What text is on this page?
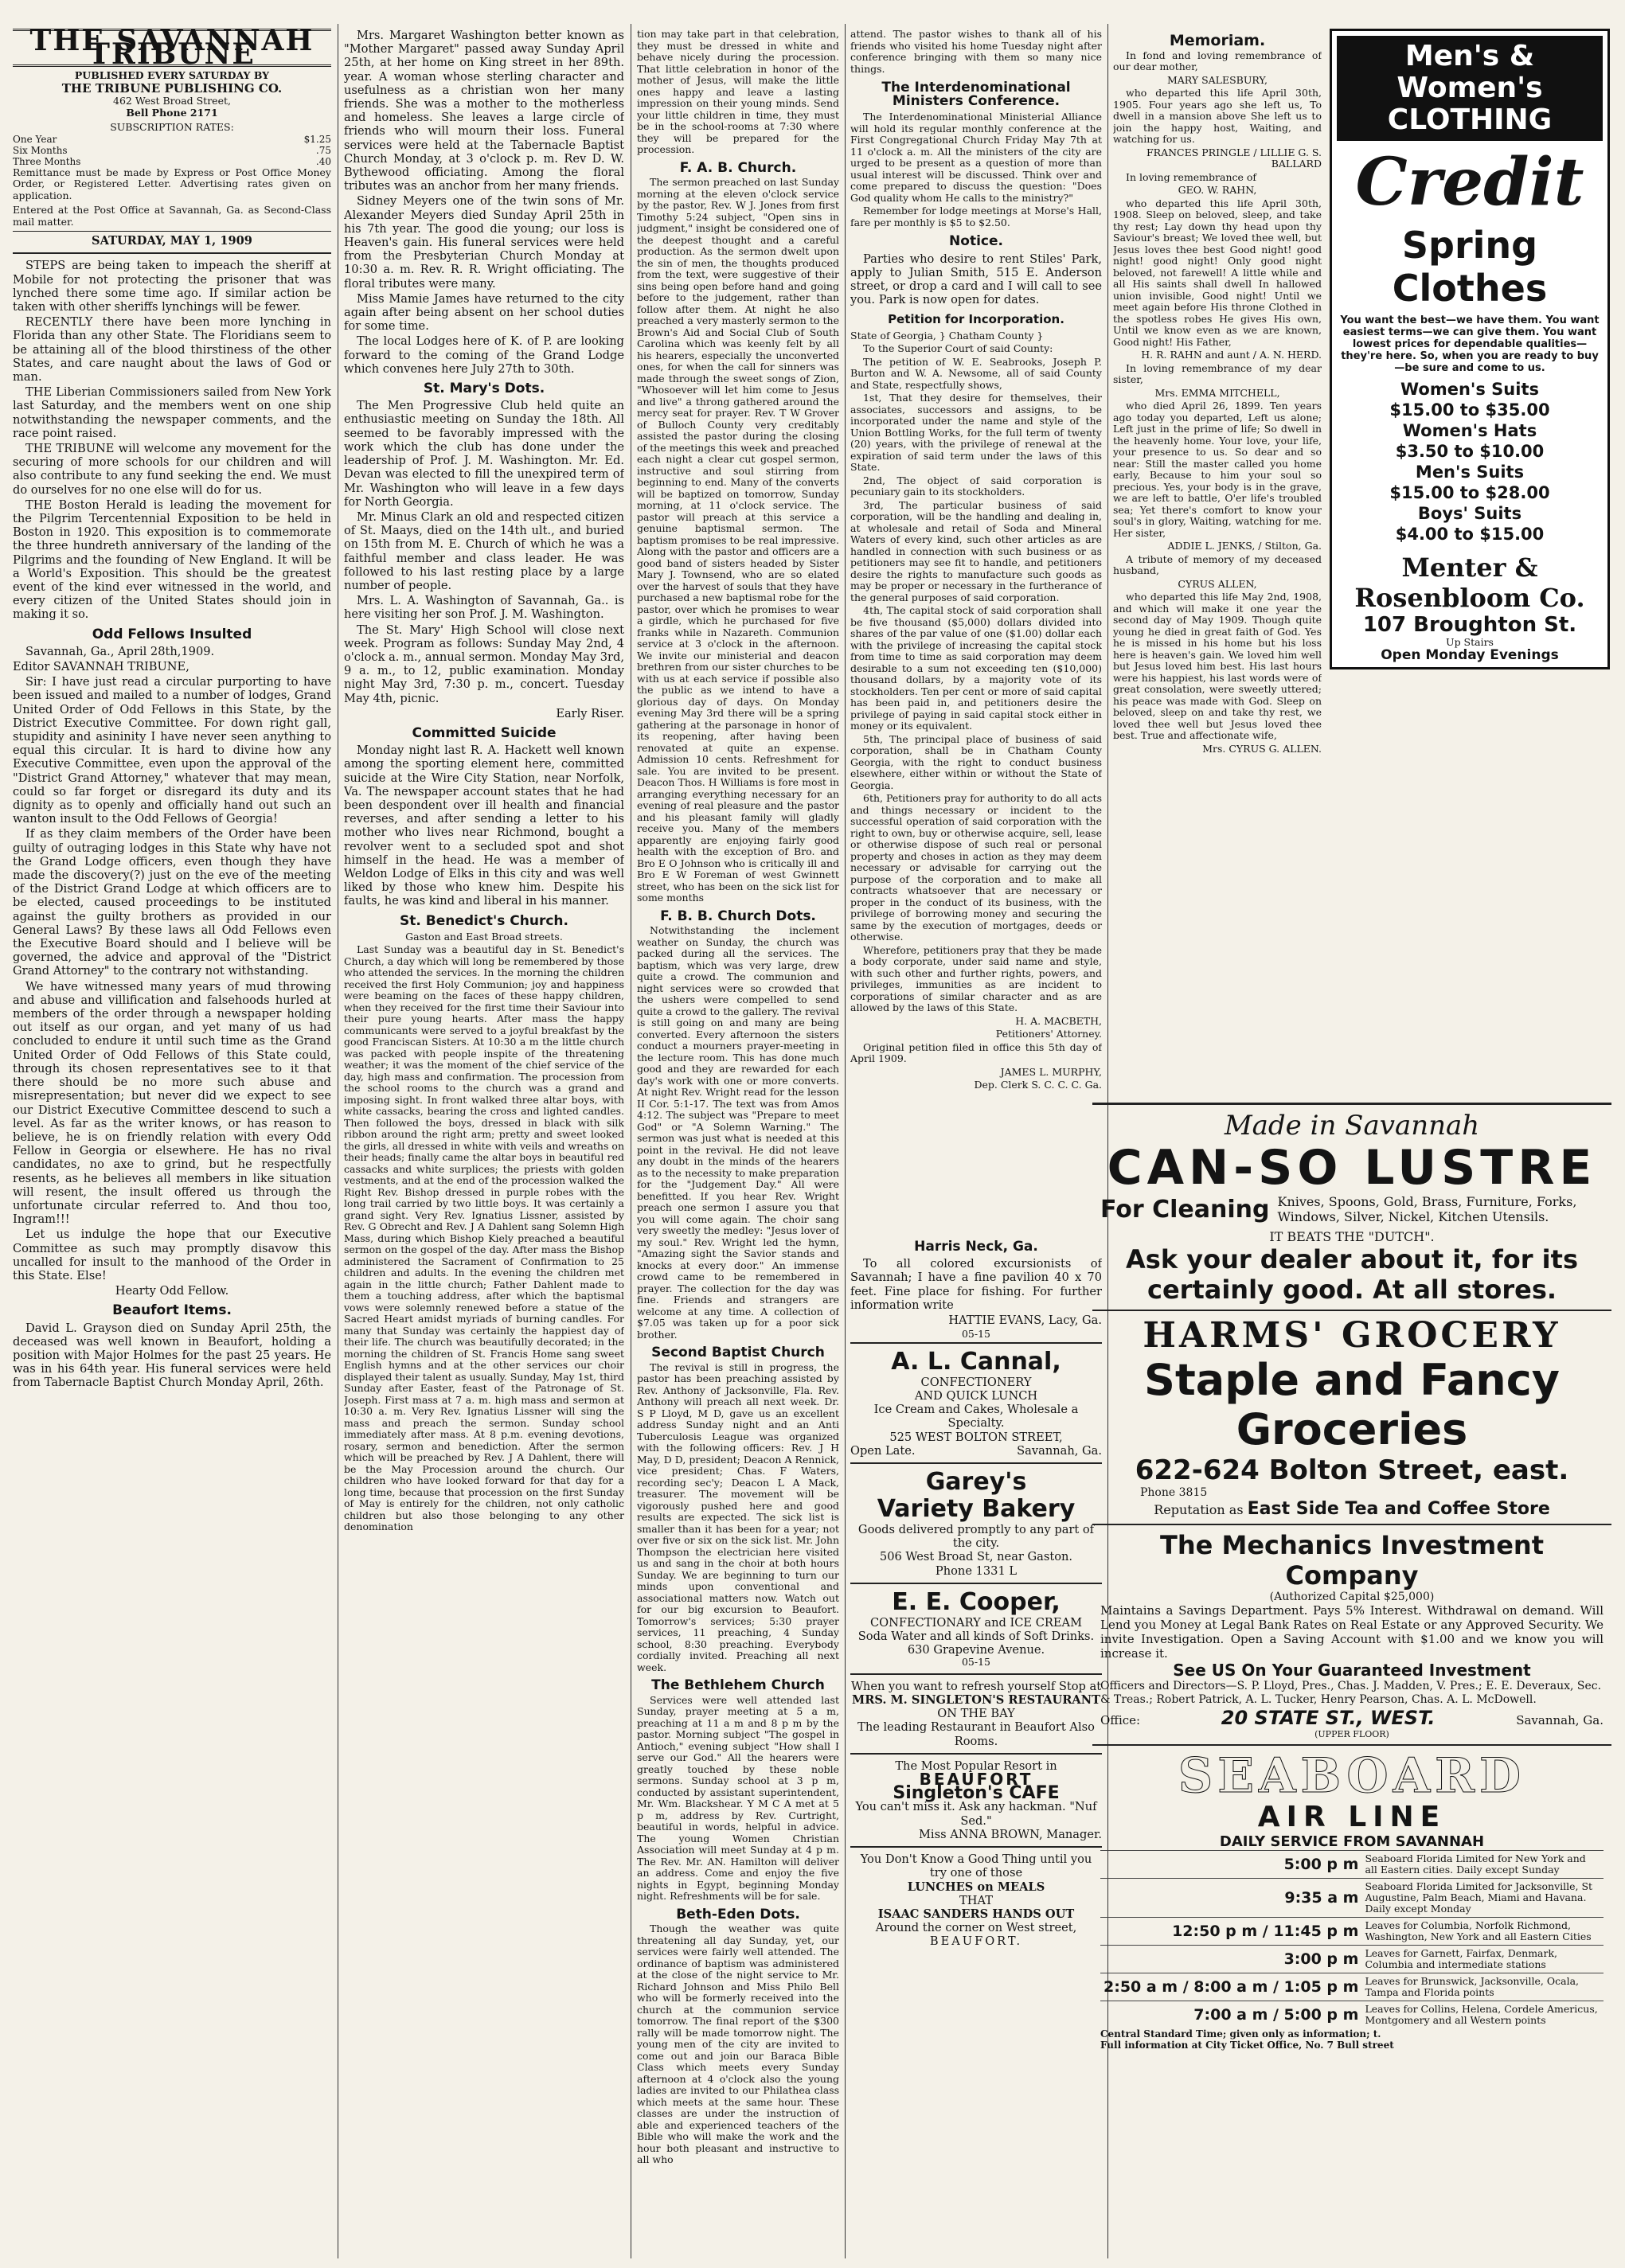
THE SAVANNAH TRIBUNE
PUBLISHED EVERY SATURDAY BY
THE TRIBUNE PUBLISHING CO.
462 West Broad Street,
Bell Phone 2171
SUBSCRIPTION RATES:
One Year	$1.25
Six Months	.75
Three Months	.40
Remittance must be made by Express or Post Office Money Order, or Registered Letter. Advertising rates given on application.
Entered at the Post Office at Savannah, Ga. as Second-Class mail matter.
SATURDAY, MAY 1, 1909

STEPS are being taken to impeach the sheriff at Mobile for not protecting the prisoner that was lynched there some time ago. If similar action be taken with other sheriffs lynchings will be fewer.

RECENTLY there have been more lynching in Florida than any other State. The Floridians seem to be attaining all of the blood thirstiness of the other States, and care naught about the laws of God or man.

THE Liberian Commissioners sailed from New York last Saturday, and the members went on one ship notwithstanding the newspaper comments, and the race point raised.

THE TRIBUNE will welcome any movement for the securing of more schools for our children and will also contribute to any fund seeking the end. We must do ourselves for no one else will do for us.

THE Boston Herald is leading the movement for the Pilgrim Tercentennial Exposition to be held in Boston in 1920. This exposition is to commemorate the three hundreth anniversary of the landing of the Pilgrims and the founding of New England. It will be a World's Exposition. This should be the greatest event of the kind ever witnessed in the world, and every citizen of the United States should join in making it so.

Odd Fellows Insulted

Savannah, Ga., April 28th,1909.

Editor SAVANNAH TRIBUNE,

Sir: I have just read a circular purporting to have been issued and mailed to a number of lodges, Grand United Order of Odd Fellows in this State, by the District Executive Committee. For down right gall, stupidity and asininity I have never seen anything to equal this circular. It is hard to divine how any Executive Committee, even upon the approval of the "District Grand Attorney," whatever that may mean, could so far forget or disregard its duty and its dignity as to openly and officially hand out such an wanton insult to the Odd Fellows of Georgia!

If as they claim members of the Order have been guilty of outraging lodges in this State why have not the Grand Lodge officers, even though they have made the discovery(?) just on the eve of the meeting of the District Grand Lodge at which officers are to be elected, caused proceedings to be instituted against the guilty brothers as provided in our General Laws? By these laws all Odd Fellows even the Executive Board should and I believe will be governed, the advice and approval of the "District Grand Attorney" to the contrary not withstanding.

We have witnessed many years of mud throwing and abuse and villification and falsehoods hurled at members of the order through a newspaper holding out itself as our organ, and yet many of us had concluded to endure it until such time as the Grand United Order of Odd Fellows of this State could, through its chosen representatives see to it that there should be no more such abuse and misrepresentation; but never did we expect to see our District Executive Committee descend to such a level. As far as the writer knows, or has reason to believe, he is on friendly relation with every Odd Fellow in Georgia or elsewhere. He has no rival candidates, no axe to grind, but he respectfully resents, as he believes all members in like situation will resent, the insult offered us through the unfortunate circular referred to. And thou too, Ingram!!!

Let us indulge the hope that our Executive Committee as such may promptly disavow this uncalled for insult to the manhood of the Order in this State. Else!

Hearty Odd Fellow.

Beaufort Items.

David L. Grayson died on Sunday April 25th, the deceased was well known in Beaufort, holding a position with Major Holmes for the past 25 years. He was in his 64th year. His funeral services were held from Tabernacle Baptist Church Monday April, 26th.

Mrs. Margaret Washington better known as "Mother Margaret" passed away Sunday April 25th, at her home on King street in her 89th. year. A woman whose sterling character and usefulness as a christian won her many friends. She was a mother to the motherless and homeless. She leaves a large circle of friends who will mourn their loss. Funeral services were held at the Tabernacle Baptist Church Monday, at 3 o'clock p. m. Rev D. W. Bythewood officiating. Among the floral tributes was an anchor from her many friends.

Sidney Meyers one of the twin sons of Mr. Alexander Meyers died Sunday April 25th in his 7th year. The good die young; our loss is Heaven's gain. His funeral services were held from the Presbyterian Church Monday at 10:30 a. m. Rev. R. R. Wright officiating. The floral tributes were many.

Miss Mamie James have returned to the city again after being absent on her school duties for some time.

The local Lodges here of K. of P. are looking forward to the coming of the Grand Lodge which convenes here July 27th to 30th.

St. Mary's Dots.

The Men Progressive Club held quite an enthusiastic meeting on Sunday the 18th. All seemed to be favorably impressed with the work which the club has done under the leadership of Prof. J. M. Washington. Mr. Ed. Devan was elected to fill the unexpired term of Mr. Washington who will leave in a few days for North Georgia.

Mr. Minus Clark an old and respected citizen of St. Maays, died on the 14th ult., and buried on 15th from M. E. Church of which he was a faithful member and class leader. He was followed to his last resting place by a large number of people.

Mrs. L. A. Washington of Savannah, Ga.. is here visiting her son Prof. J. M. Washington.

The St. Mary' High School will close next week. Program as follows: Sunday May 2nd, 4 o'clock a. m., annual sermon. Monday May 3rd, 9 a. m., to 12, public examination. Monday night May 3rd, 7:30 p. m., concert. Tuesday May 4th, picnic.

Early Riser.

Committed Suicide

Monday night last R. A. Hackett well known among the sporting element here, committed suicide at the Wire City Station, near Norfolk, Va. The newspaper account states that he had been despondent over ill health and financial reverses, and after sending a letter to his mother who lives near Richmond, bought a revolver went to a secluded spot and shot himself in the head. He was a member of Weldon Lodge of Elks in this city and was well liked by those who knew him. Despite his faults, he was kind and liberal in his manner.

St. Benedict's Church.

Gaston and East Broad streets.

Last Sunday was a beautiful day in St. Benedict's Church, a day which will long be remembered by those who attended the services. In the morning the children received the first Holy Communion; joy and happiness were beaming on the faces of these happy children, when they received for the first time their Saviour into their pure young hearts. After mass the happy communicants were served to a joyful breakfast by the good Franciscan Sisters. At 10:30 a m the little church was packed with people inspite of the threatening weather; it was the moment of the chief service of the day, high mass and confirmation. The procession from the school rooms to the church was a grand and imposing sight. In front walked three altar boys, with white cassacks, bearing the cross and lighted candles. Then followed the boys, dressed in black with silk ribbon around the right arm; pretty and sweet looked the girls, all dressed in white with veils and wreaths on their heads; finally came the altar boys in beautiful red cassacks and white surplices; the priests with golden vestments, and at the end of the procession walked the Right Rev. Bishop dressed in purple robes with the long trail carried by two little boys. It was certainly a grand sight. Very Rev. Ignatius Lissner, assisted by Rev. G Obrecht and Rev. J A Dahlent sang Solemn High Mass, during which Bishop Kiely preached a beautiful sermon on the gospel of the day. After mass the Bishop administered the Sacrament of Confirmation to 25 children and adults. In the evening the children met again in the little church; Father Dahlent made to them a touching address, after which the baptismal vows were solemnly renewed before a statue of the Sacred Heart amidst myriads of burning candles. For many that Sunday was certainly the happiest day of their life. The church was beautifully decorated; in the morning the children of St. Francis Home sang sweet English hymns and at the other services our choir displayed their talent as usually. Sunday, May 1st, third Sunday after Easter, feast of the Patronage of St. Joseph. First mass at 7 a. m. high mass and sermon at 10:30 a. m. Very Rev. Ignatius Lissner will sing the mass and preach the sermon. Sunday school immediately after mass. At 8 p.m. evening devotions, rosary, sermon and benediction. After the sermon which will be preached by Rev. J A Dahlent, there will be the May Procession around the church. Our children who have looked forward for that day for a long time, because that procession on the first Sunday of May is entirely for the children, not only catholic children but also those belonging to any other denomination

tion may take part in that celebration, they must be dressed in white and behave nicely during the procession. That little celebration in honor of the mother of Jesus, will make the little ones happy and leave a lasting impression on their young minds. Send your little children in time, they must be in the school-rooms at 7:30 where they will be prepared for the procession.

F. A. B. Church.

The sermon preached on last Sunday morning at the eleven o'clock service by the pastor, Rev. W J. Jones from first Timothy 5:24 subject, "Open sins in judgment," insight be considered one of the deepest thought and a careful production. As the sermon dwelt upon the sin of men, the thoughts produced from the text, were suggestive of their sins being open before hand and going before to the judgement, rather than follow after them. At night he also preached a very masterly sermon to the Brown's Aid and Social Club of South Carolina which was keenly felt by all his hearers, especially the unconverted ones, for when the call for sinners was made through the sweet songs of Zion, "Whosoever will let him come to Jesus and live" a throng gathered around the mercy seat for prayer. Rev. T W Grover of Bulloch County very creditably assisted the pastor during the closing of the meetings this week and preached each night a clear cut gospel sermon, instructive and soul stirring from beginning to end. Many of the converts will be baptized on tomorrow, Sunday morning, at 11 o'clock service. The pastor will preach at this service a genuine baptismal sermon. The baptism promises to be real impressive. Along with the pastor and officers are a good band of sisters headed by Sister Mary J. Townsend, who are so elated over the harvest of souls that they have purchased a new baptismal robe for the pastor, over which he promises to wear a girdle, which he purchased for five franks while in Nazareth. Communion service at 3 o'clock in the afternoon. We invite our ministerial and deacon brethren from our sister churches to be with us at each service if possible also the public as we intend to have a glorious day of days. On Monday evening May 3rd there will be a spring gathering at the parsonage in honor of its reopening, after having been renovated at quite an expense. Admission 10 cents. Refreshment for sale. You are invited to be present. Deacon Thos. H Williams is fore most in arranging everything necessary for an evening of real pleasure and the pastor and his pleasant family will gladly receive you. Many of the members apparently are enjoying fairly good health with the exception of Bro. and Bro E O Johnson who is critically ill and Bro E W Foreman of west Gwinnett street, who has been on the sick list for some months

F. B. B. Church Dots.

Notwithstanding the inclement weather on Sunday, the church was packed during all the services. The baptism, which was very large, drew quite a crowd. The communion and night services were so crowded that the ushers were compelled to send quite a crowd to the gallery. The revival is still going on and many are being converted. Every afternoon the sisters conduct a mourners prayer-meeting in the lecture room. This has done much good and they are rewarded for each day's work with one or more converts. At night Rev. Wright read for the lesson II Cor. 5:1-17. The text was from Amos 4:12. The subject was "Prepare to meet God" or "A Solemn Warning." The sermon was just what is needed at this point in the revival. He did not leave any doubt in the minds of the hearers as to the necessity to make preparation for the "Judgement Day." All were benefitted. If you hear Rev. Wright preach one sermon I assure you that you will come again. The choir sang very sweetly the medley: "Jesus lover of my soul." Rev. Wright led the hymn, "Amazing sight the Savior stands and knocks at every door." An immense crowd came to be remembered in prayer. The collection for the day was fine. Friends and strangers are welcome at any time. A collection of $7.05 was taken up for a poor sick brother.

Second Baptist Church

The revival is still in progress, the pastor has been preaching assisted by Rev. Anthony of Jacksonville, Fla. Rev. Anthony will preach all next week. Dr. S P Lloyd, M D, gave us an excellent address Sunday night and an Anti Tuberculosis League was organized with the following officers: Rev. J H May, D D, president; Deacon A Rennick, vice president; Chas. F Waters, recording sec'y; Deacon L A Mack, treasurer. The movement will be vigorously pushed here and good results are expected. The sick list is smaller than it has been for a year; not over five or six on the sick list. Mr. John Thompson the electrician here visited us and sang in the choir at both hours Sunday. We are beginning to turn our minds upon conventional and associational matters now. Watch out for our big excursion to Beaufort. Tomorrow's services; 5:30 prayer services, 11 preaching, 4 Sunday school, 8:30 preaching. Everybody cordially invited. Preaching all next week.

The Bethlehem Church

Services were well attended last Sunday, prayer meeting at 5 a m, preaching at 11 a m and 8 p m by the pastor. Morning subject "The gospel in Antioch," evening subject "How shall I serve our God." All the hearers were greatly touched by these noble sermons. Sunday school at 3 p m, conducted by assistant superintendent, Mr. Wm. Blackshear. Y M C A met at 5 p m, address by Rev. Curtright, beautiful in words, helpful in advice. The young Women Christian Association will meet Sunday at 4 p m. The Rev. Mr. AN. Hamilton will deliver an address. Come and enjoy the five nights in Egypt, beginning Monday night. Refreshments will be for sale.

Beth-Eden Dots.

Though the weather was quite threatening all day Sunday, yet, our services were fairly well attended. The ordinance of baptism was administered at the close of the night service to Mr. Richard Johnson and Miss Philo Bell who will be formerly received into the church at the communion service tomorrow. The final report of the $300 rally will be made tomorrow night. The young men of the city are invited to come out and join our Baraca Bible Class which meets every Sunday afternoon at 4 o'clock also the young ladies are invited to our Philathea class which meets at the same hour. These classes are under the instruction of able and experienced teachers of the Bible who will make the work and the hour both pleasant and instructive to all who

attend. The pastor wishes to thank all of his friends who visited his home Tuesday night after conference bringing with them so many nice things.

The Interdenominational Ministers Conference.

The Interdenominational Ministerial Alliance will hold its regular monthly conference at the First Congregational Church Friday May 7th at 11 o'clock a. m. All the ministers of the city are urged to be present as a question of more than usual interest will be discussed. Think over and come prepared to discuss the question: "Does God quality whom He calls to the ministry?"

Remember for lodge meetings at Morse's Hall, fare per monthly is $5 to $2.50.

Notice.

Parties who desire to rent Stiles' Park, apply to Julian Smith, 515 E. Anderson street, or drop a card and I will call to see you. Park is now open for dates.

Petition for Incorporation.

State of Georgia, } Chatham County }

To the Superior Court of said County:

The petition of W. E. Seabrooks, Joseph P. Burton and W. A. Newsome, all of said County and State, respectfully shows,

1st, That they desire for themselves, their associates, successors and assigns, to be incorporated under the name and style of the Union Bottling Works, for the full term of twenty (20) years, with the privilege of renewal at the expiration of said term under the laws of this State.

2nd, The object of said corporation is pecuniary gain to its stockholders.

3rd, The particular business of said corporation, will be the handling and dealing in, at wholesale and retail of Soda and Mineral Waters of every kind, such other articles as are handled in connection with such business or as petitioners may see fit to handle, and petitioners desire the rights to manufacture such goods as may be proper or necessary in the furtherance of the general purposes of said corporation.

4th, The capital stock of said corporation shall be five thousand ($5,000) dollars divided into shares of the par value of one ($1.00) dollar each with the privilege of increasing the capital stock from time to time as said corporation may deem desirable to a sum not exceeding ten ($10,000) thousand dollars, by a majority vote of its stockholders. Ten per cent or more of said capital has been paid in, and petitioners desire the privilege of paying in said capital stock either in money or its equivalent.

5th, The principal place of business of said corporation, shall be in Chatham County Georgia, with the right to conduct business elsewhere, either within or without the State of Georgia.

6th, Petitioners pray for authority to do all acts and things necessary or incident to the successful operation of said corporation with the right to own, buy or otherwise acquire, sell, lease or otherwise dispose of such real or personal property and choses in action as they may deem necessary or advisable for carrying out the purpose of the corporation and to make all contracts whatsoever that are necessary or proper in the conduct of its business, with the privilege of borrowing money and securing the same by the execution of mortgages, deeds or otherwise.

Wherefore, petitioners pray that they be made a body corporate, under said name and style, with such other and further rights, powers, and privileges, immunities as are incident to corporations of similar character and as are allowed by the laws of this State.

H. A. MACBETH,

Petitioners' Attorney.

Original petition filed in office this 5th day of April 1909.

JAMES L. MURPHY,

Dep. Clerk S. C. C. C. Ga.

Harris Neck, Ga.

To all colored excursionists of Savannah; I have a fine pavilion 40 x 70 feet. Fine place for fishing. For further information write

HATTIE EVANS, Lacy, Ga.

05-15

A. L. Cannal,
CONFECTIONERY
AND QUICK LUNCH
Ice Cream and Cakes, Wholesale a Specialty.
525 WEST BOLTON STREET,
Open Late.	Savannah, Ga.
Garey's
Variety Bakery
Goods delivered promptly to any part of the city.
506 West Broad St, near Gaston.
Phone 1331 L
E. E. Cooper,
CONFECTIONARY and ICE CREAM
Soda Water and all kinds of Soft Drinks.
630 Grapevine Avenue.
05-15
When you want to refresh yourself Stop at
MRS. M. SINGLETON'S RESTAURANT
ON THE BAY
The leading Restaurant in Beaufort Also Rooms.
The Most Popular Resort in
BEAUFORT
Singleton's CAFE
You can't miss it. Ask any hackman. "Nuf Sed."
Miss ANNA BROWN, Manager.
You Don't Know a Good Thing until you try one of those
LUNCHES on MEALS
THAT
ISAAC SANDERS HANDS OUT
Around the corner on West street,
BEAUFORT.
Memoriam.

In fond and loving remembrance of our dear mother,

MARY SALESBURY,

who departed this life April 30th, 1905. Four years ago she left us, To dwell in a mansion above She left us to join the happy host, Waiting, and watching for us.

FRANCES PRINGLE / LILLIE G. S. BALLARD

In loving remembrance of

GEO. W. RAHN,

who departed this life April 30th, 1908. Sleep on beloved, sleep, and take thy rest; Lay down thy head upon thy Saviour's breast; We loved thee well, but Jesus loves thee best Good night! good night! good night! Only good night beloved, not farewell! A little while and all His saints shall dwell In hallowed union invisible, Good night! Until we meet again before His throne Clothed in the spotless robes He gives His own, Until we know even as we are known, Good night! His Father,

H. R. RAHN and aunt / A. N. HERD.

In loving remembrance of my dear sister,

Mrs. EMMA MITCHELL,

who died April 26, 1899. Ten years ago today you departed, Left us alone; Left just in the prime of life; So dwell in the heavenly home. Your love, your life, your presence to us. So dear and so near: Still the master called you home early, Because to him your soul so precious. Yes, your body is in the grave, we are left to battle, O'er life's troubled sea; Yet there's comfort to know your soul's in glory, Waiting, watching for me. Her sister,

ADDIE L. JENKS, / Stilton, Ga.

A tribute of memory of my deceased husband,

CYRUS ALLEN,

who departed this life May 2nd, 1908, and which will make it one year the second day of May 1909. Though quite young he died in great faith of God. Yes he is missed in his home but his loss here is heaven's gain. We loved him well but Jesus loved him best. His last hours were his happiest, his last words were of great consolation, were sweetly uttered; his peace was made with God. Sleep on beloved, sleep on and take thy rest, we loved thee well but Jesus loved thee best. True and affectionate wife,

Mrs. CYRUS G. ALLEN.

Men's & Women's CLOTHING
Credit
Spring Clothes
You want the best—we have them. You want easiest terms—we can give them. You want lowest prices for dependable qualities—they're here. So, when you are ready to buy—be sure and come to us.
Women's Suits
$15.00 to $35.00
Women's Hats
$3.50 to $10.00
Men's Suits
$15.00 to $28.00
Boys' Suits
$4.00 to $15.00
Menter & Rosenbloom Co.
107 Broughton St.
Up Stairs
Open Monday Evenings
Made in Savannah
CAN-SO LUSTRE
For Cleaning Knives, Spoons, Gold, Brass, Furniture, Forks, Windows, Silver, Nickel, Kitchen Utensils.
IT BEATS THE "DUTCH".
Ask your dealer about it, for its certainly good. At all stores.
HARMS' GROCERY
Staple and Fancy Groceries
622-624 Bolton Street, east.
Phone 3815
Reputation as East Side Tea and Coffee Store
The Mechanics Investment Company
(Authorized Capital $25,000)
Maintains a Savings Department. Pays 5% Interest. Withdrawal on demand. Will Lend you Money at Legal Bank Rates on Real Estate or any Approved Security. We invite Investigation. Open a Saving Account with $1.00 and we know you will increase it.
See US On Your Guaranteed Investment
Officers and Directors—S. P. Lloyd, Pres., Chas. J. Madden, V. Pres.; E. E. Deveraux, Sec. & Treas.; Robert Patrick, A. L. Tucker, Henry Pearson, Chas. A. L. McDowell.
Office:	20 STATE ST., WEST.	Savannah, Ga.
(UPPER FLOOR)
SEABOARD
AIR LINE
DAILY SERVICE FROM SAVANNAH
5:00 p m	Seaboard Florida Limited for New York and all Eastern cities. Daily except Sunday
9:35 a m	Seaboard Florida Limited for Jacksonville, St Augustine, Palm Beach, Miami and Havana. Daily except Monday
12:50 p m / 11:45 p m	Leaves for Columbia, Norfolk Richmond, Washington, New York and all Eastern Cities
3:00 p m	Leaves for Garnett, Fairfax, Denmark, Columbia and intermediate stations
2:50 a m / 8:00 a m / 1:05 p m	Leaves for Brunswick, Jacksonville, Ocala, Tampa and Florida points
7:00 a m / 5:00 p m	Leaves for Collins, Helena, Cordele Americus, Montgomery and all Western points
Central Standard Time; given only as information; t.
Full information at City Ticket Office, No. 7 Bull street
